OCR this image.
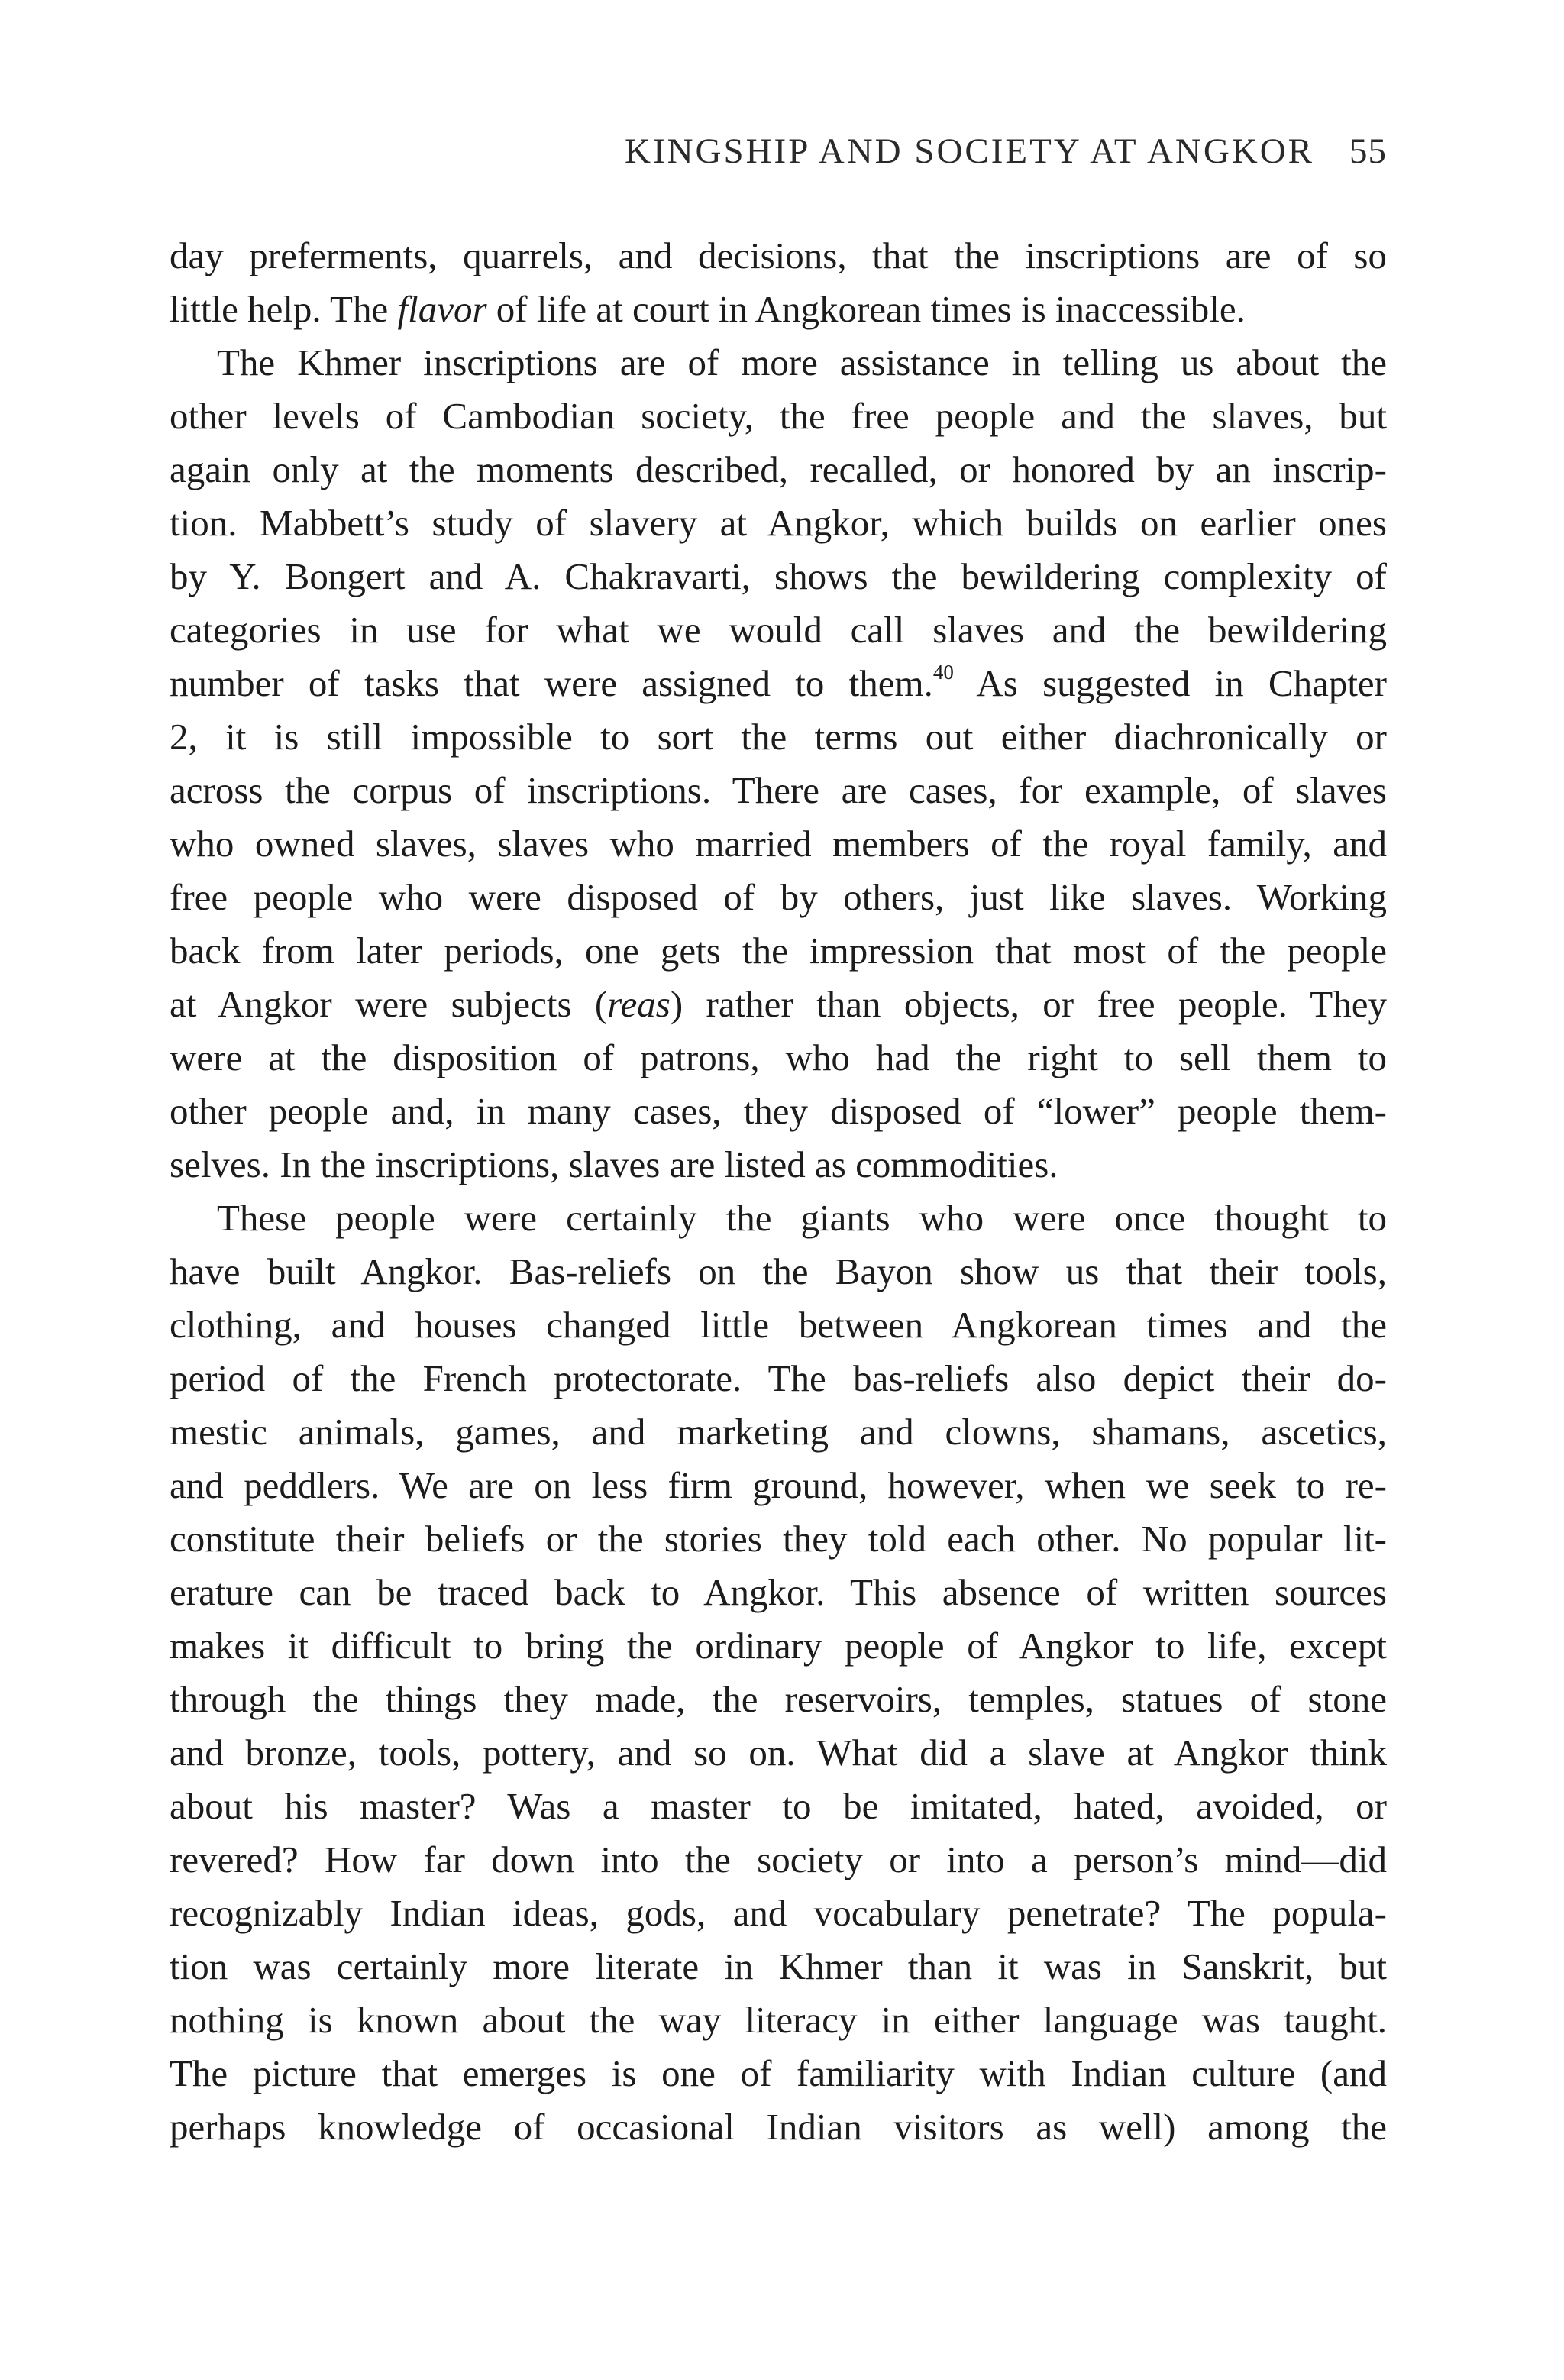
KINGSHIP AND SOCIETY AT ANGKOR 55
day preferments, quarrels, and decisions, that the inscriptions are of so
little help. The flavor of life at court in Angkorean times is inaccessible.
The Khmer inscriptions are of more assistance in telling us about the
other levels of Cambodian society, the free people and the slaves, but
again only at the moments described, recalled, or honored by an inscrip-
tion. Mabbett’s study of slavery at Angkor, which builds on earlier ones
by Y. Bongert and A. Chakravarti, shows the bewildering complexity of
categories in use for what we would call slaves and the bewildering
number of tasks that were assigned to them.$^{40}$ As suggested in Chapter
2, it is still impossible to sort the terms out either diachronically or
across the corpus of inscriptions. There are cases, for example, of slaves
who owned slaves, slaves who married members of the royal family, and
free people who were disposed of by others, just like slaves. Working
back from later periods, one gets the impression that most of the people
at Angkor were subjects (reas) rather than objects, or free people. They
were at the disposition of patrons, who had the right to sell them to
other people and, in many cases, they disposed of “lower” people them-
selves. In the inscriptions, slaves are listed as commodities.
These people were certainly the giants who were once thought to
have built Angkor. Bas-reliefs on the Bayon show us that their tools,
clothing, and houses changed little between Angkorean times and the
period of the French protectorate. The bas-reliefs also depict their do-
mestic animals, games, and marketing and clowns, shamans, ascetics,
and peddlers. We are on less firm ground, however, when we seek to re-
constitute their beliefs or the stories they told each other. No popular lit-
erature can be traced back to Angkor. This absence of written sources
makes it difficult to bring the ordinary people of Angkor to life, except
through the things they made, the reservoirs, temples, statues of stone
and bronze, tools, pottery, and so on. What did a slave at Angkor think
about his master? Was a master to be imitated, hated, avoided, or
revered? How far down into the society or into a person’s mind—did
recognizably Indian ideas, gods, and vocabulary penetrate? The popula-
tion was certainly more literate in Khmer than it was in Sanskrit, but
nothing is known about the way literacy in either language was taught.
The picture that emerges is one of familiarity with Indian culture (and
perhaps knowledge of occasional Indian visitors as well) among the
